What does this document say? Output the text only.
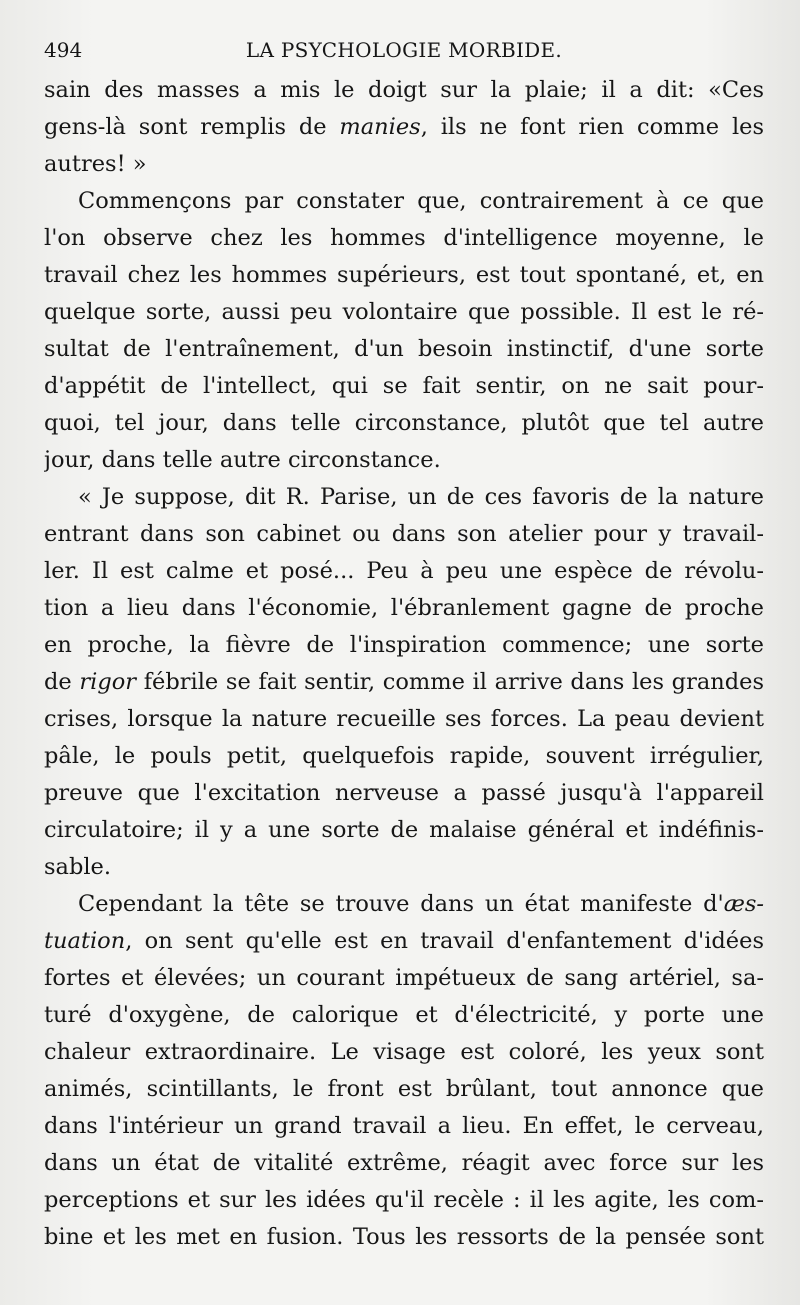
494	LA PSYCHOLOGIE MORBIDE.
sain des masses a mis le doigt sur la plaie; il a dit: «Ces
gens-là sont remplis de manies, ils ne font rien comme les
autres! »
Commençons par constater que, contrairement à ce que
l'on observe chez les hommes d'intelligence moyenne, le
travail chez les hommes supérieurs, est tout spontané, et, en
quelque sorte, aussi peu volontaire que possible. Il est le ré-
sultat de l'entraînement, d'un besoin instinctif, d'une sorte
d'appétit de l'intellect, qui se fait sentir, on ne sait pour-
quoi, tel jour, dans telle circonstance, plutôt que tel autre
jour, dans telle autre circonstance.
« Je suppose, dit R. Parise, un de ces favoris de la nature
entrant dans son cabinet ou dans son atelier pour y travail-
ler. Il est calme et posé... Peu à peu une espèce de révolu-
tion a lieu dans l'économie, l'ébranlement gagne de proche
en proche, la fièvre de l'inspiration commence; une sorte
de rigor fébrile se fait sentir, comme il arrive dans les grandes
crises, lorsque la nature recueille ses forces. La peau devient
pâle, le pouls petit, quelquefois rapide, souvent irrégulier,
preuve que l'excitation nerveuse a passé jusqu'à l'appareil
circulatoire; il y a une sorte de malaise général et indéfinis-
sable.
Cependant la tête se trouve dans un état manifeste d'æs-
tuation, on sent qu'elle est en travail d'enfantement d'idées
fortes et élevées; un courant impétueux de sang artériel, sa-
turé d'oxygène, de calorique et d'électricité, y porte une
chaleur extraordinaire. Le visage est coloré, les yeux sont
animés, scintillants, le front est brûlant, tout annonce que
dans l'intérieur un grand travail a lieu. En effet, le cerveau,
dans un état de vitalité extrême, réagit avec force sur les
perceptions et sur les idées qu'il recèle : il les agite, les com-
bine et les met en fusion. Tous les ressorts de la pensée sont
